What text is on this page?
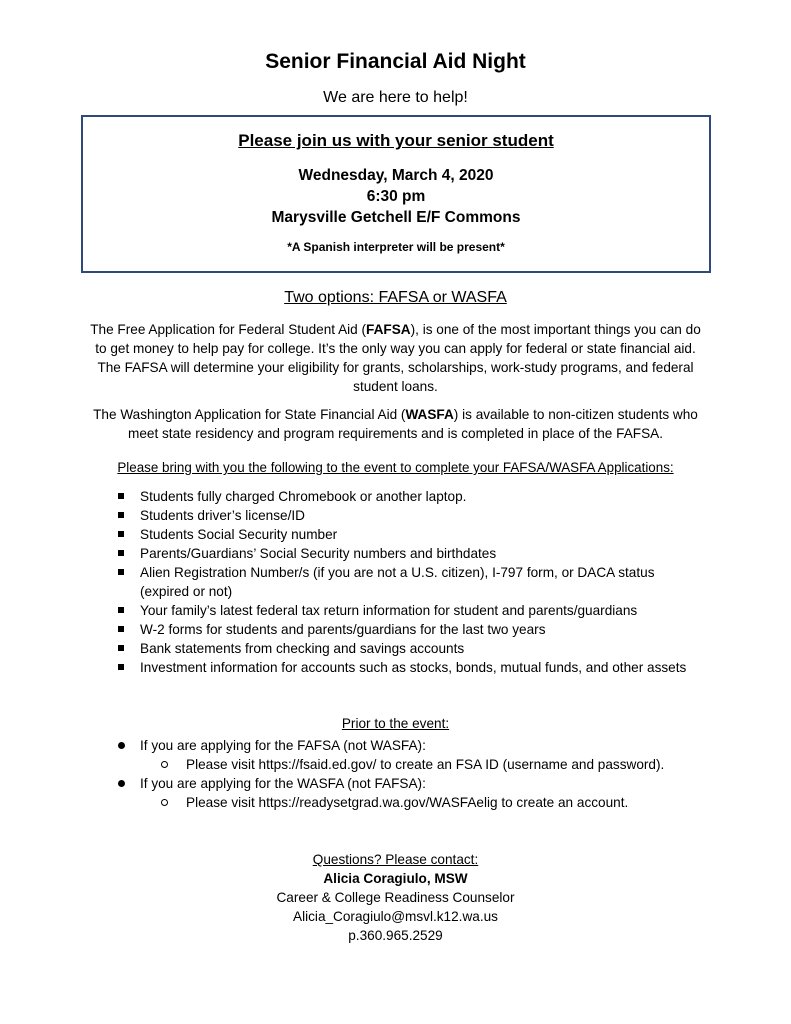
Senior Financial Aid Night
We are here to help!
Please join us with your senior student
Wednesday, March 4, 2020
6:30 pm
Marysville Getchell E/F Commons
*A Spanish interpreter will be present*
Two options: FAFSA or WASFA
The Free Application for Federal Student Aid (FAFSA), is one of the most important things you can do to get money to help pay for college. It’s the only way you can apply for federal or state financial aid. The FAFSA will determine your eligibility for grants, scholarships, work-study programs, and federal student loans.
The Washington Application for State Financial Aid (WASFA) is available to non-citizen students who meet state residency and program requirements and is completed in place of the FAFSA.
Please bring with you the following to the event to complete your FAFSA/WASFA Applications:
Students fully charged Chromebook or another laptop.
Students driver’s license/ID
Students Social Security number
Parents/Guardians’ Social Security numbers and birthdates
Alien Registration Number/s (if you are not a U.S. citizen), I-797 form, or DACA status (expired or not)
Your family’s latest federal tax return information for student and parents/guardians
W-2 forms for students and parents/guardians for the last two years
Bank statements from checking and savings accounts
Investment information for accounts such as stocks, bonds, mutual funds, and other assets
Prior to the event:
If you are applying for the FAFSA (not WASFA):
Please visit https://fsaid.ed.gov/ to create an FSA ID (username and password).
If you are applying for the WASFA (not FAFSA):
Please visit https://readysetgrad.wa.gov/WASFAelig to create an account.
Questions? Please contact:
Alicia Coragiulo, MSW
Career & College Readiness Counselor
Alicia_Coragiulo@msvl.k12.wa.us
p.360.965.2529
